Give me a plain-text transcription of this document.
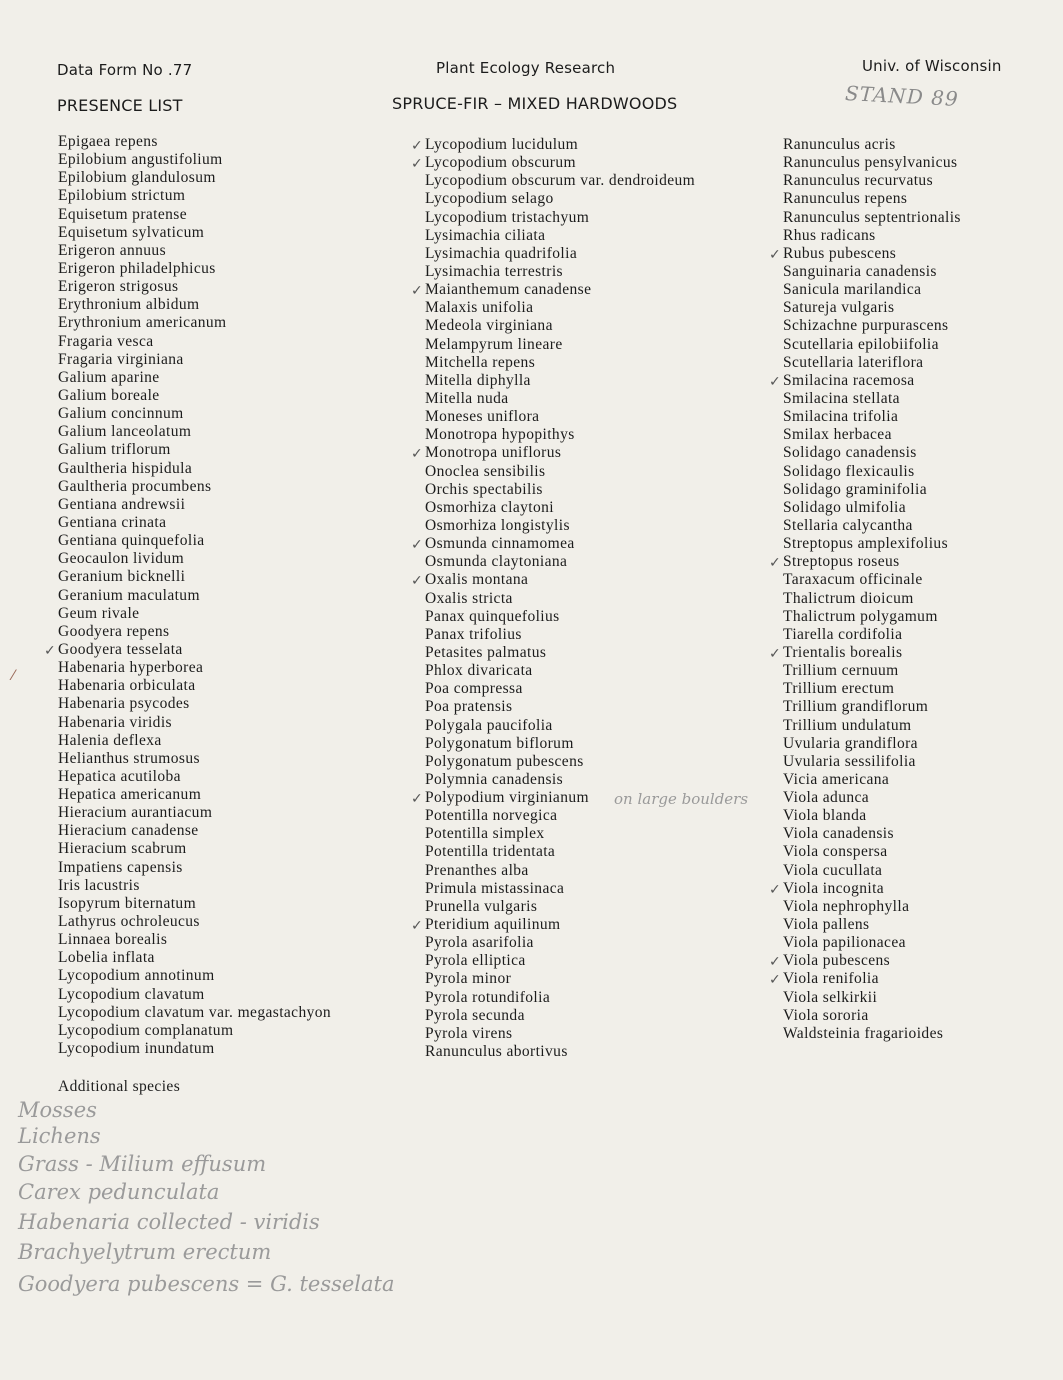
Data Form No .77	Plant Ecology Research	Univ. of Wisconsin
PRESENCE LIST	SPRUCE-FIR – MIXED HARDWOODS	STAND 89
Epigaea repens
Epilobium angustifolium
Epilobium glandulosum
Epilobium strictum
Equisetum pratense
Equisetum sylvaticum
Erigeron annuus
Erigeron philadelphicus
Erigeron strigosus
Erythronium albidum
Erythronium americanum
Fragaria vesca
Fragaria virginiana
Galium aparine
Galium boreale
Galium concinnum
Galium lanceolatum
Galium triflorum
Gaultheria hispidula
Gaultheria procumbens
Gentiana andrewsii
Gentiana crinata
Gentiana quinquefolia
Geocaulon lividum
Geranium bicknelli
Geranium maculatum
Geum rivale
Goodyera repens
✓ Goodyera tesselata
Habenaria hyperborea
Habenaria orbiculata
Habenaria psycodes
Habenaria viridis
Halenia deflexa
Helianthus strumosus
Hepatica acutiloba
Hepatica americanum
Hieracium aurantiacum
Hieracium canadense
Hieracium scabrum
Impatiens capensis
Iris lacustris
Isopyrum biternatum
Lathyrus ochroleucus
Linnaea borealis
Lobelia inflata
Lycopodium annotinum
Lycopodium clavatum
Lycopodium clavatum var. megastachyon
Lycopodium complanatum
Lycopodium inundatum
✓ Lycopodium lucidulum
✓ Lycopodium obscurum
Lycopodium obscurum var. dendroideum
Lycopodium selago
Lycopodium tristachyum
Lysimachia ciliata
Lysimachia quadrifolia
Lysimachia terrestris
✓ Maianthemum canadense
Malaxis unifolia
Medeola virginiana
Melampyrum lineare
Mitchella repens
Mitella diphylla
Mitella nuda
Moneses uniflora
Monotropa hypopithys
✓ Monotropa uniflorus
Onoclea sensibilis
Orchis spectabilis
Osmorhiza claytoni
Osmorhiza longistylis
✓ Osmunda cinnamomea
Osmunda claytoniana
✓ Oxalis montana
Oxalis stricta
Panax quinquefolius
Panax trifolius
Petasites palmatus
Phlox divaricata
Poa compressa
Poa pratensis
Polygala paucifolia
Polygonatum biflorum
Polygonatum pubescens
Polymnia canadensis
✓ Polypodium virginianum
Potentilla norvegica
Potentilla simplex
Potentilla tridentata
Prenanthes alba
Primula mistassinaca
Prunella vulgaris
✓ Pteridium aquilinum
Pyrola asarifolia
Pyrola elliptica
Pyrola minor
Pyrola rotundifolia
Pyrola secunda
Pyrola virens
Ranunculus abortivus
Ranunculus acris
Ranunculus pensylvanicus
Ranunculus recurvatus
Ranunculus repens
Ranunculus septentrionalis
Rhus radicans
✓ Rubus pubescens
Sanguinaria canadensis
Sanicula marilandica
Satureja vulgaris
Schizachne purpurascens
Scutellaria epilobiifolia
Scutellaria lateriflora
✓ Smilacina racemosa
Smilacina stellata
Smilacina trifolia
Smilax herbacea
Solidago canadensis
Solidago flexicaulis
Solidago graminifolia
Solidago ulmifolia
Stellaria calycantha
Streptopus amplexifolius
✓ Streptopus roseus
Taraxacum officinale
Thalictrum dioicum
Thalictrum polygamum
Tiarella cordifolia
✓ Trientalis borealis
Trillium cernuum
Trillium erectum
Trillium grandiflorum
Trillium undulatum
Uvularia grandiflora
Uvularia sessilifolia
Vicia americana
Viola adunca
Viola blanda
Viola canadensis
Viola conspersa
Viola cucullata
✓ Viola incognita
Viola nephrophylla
Viola pallens
Viola papilionacea
✓ Viola pubescens
✓ Viola renifolia
Viola selkirkii
Viola sororia
Waldsteinia fragarioides
on large boulders
⁄
Additional species
Mosses
Lichens
Grass - Milium effusum
Carex pedunculata
Habenaria collected - viridis
Brachyelytrum erectum
Goodyera pubescens = G. tesselata
